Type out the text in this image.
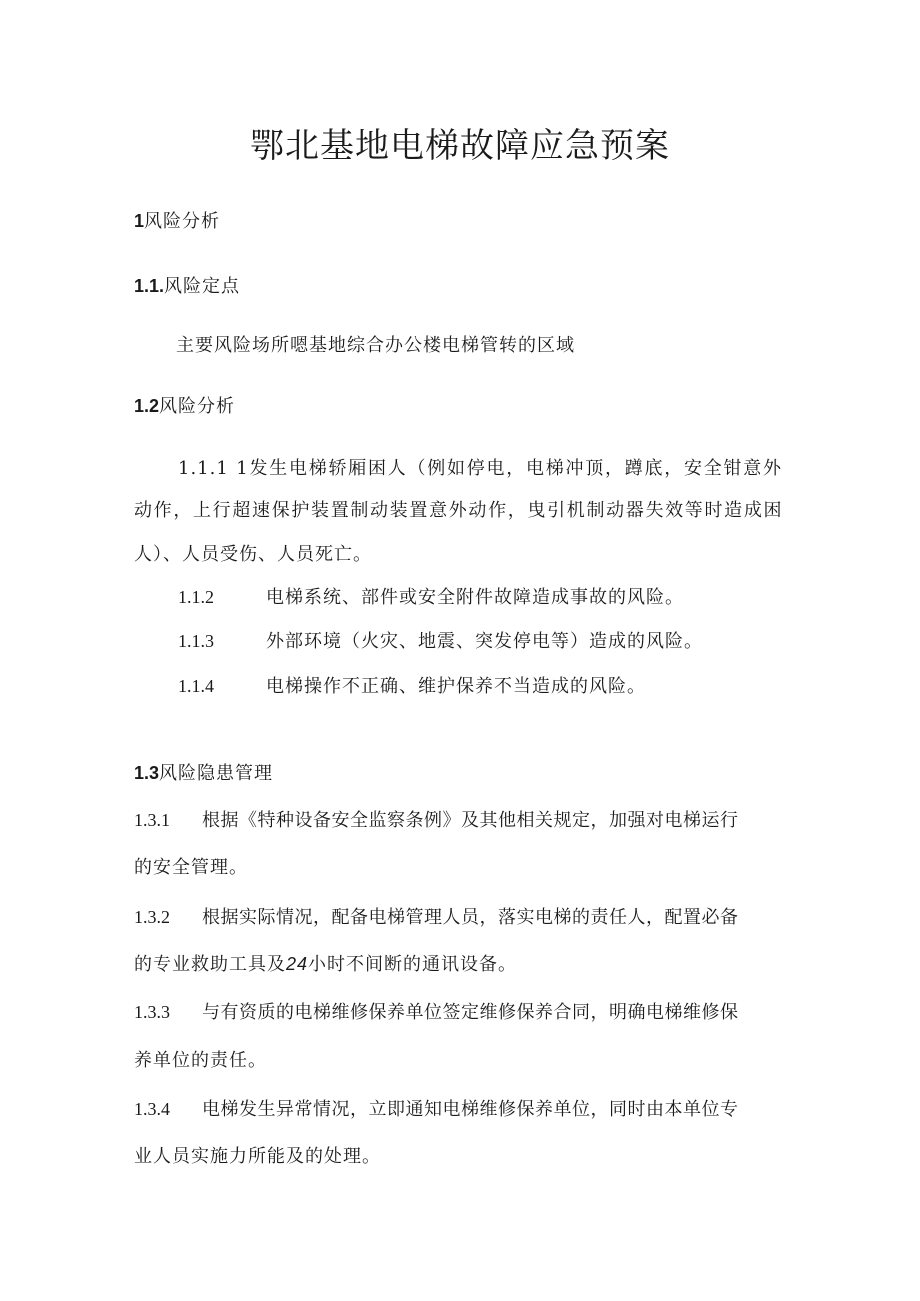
鄂北基地电梯故障应急预案
1风险分析
1.1.风险定点
主要风险场所嗯基地综合办公楼电梯管转的区域
1.2风险分析
1.1.1 1发生电梯轿厢困人（例如停电，电梯冲顶，蹲底，安全钳意外
动作，上行超速保护装置制动装置意外动作，曳引机制动器失效等时造成困
人）、人员受伤、人员死亡。
1.1.2	电梯系统、部件或安全附件故障造成事故的风险。
1.1.3	外部环境（火灾、地震、突发停电等）造成的风险。
1.1.4	电梯操作不正确、维护保养不当造成的风险。
1.3风险隐患管理
1.3.1 根据《特种设备安全监察条例》及其他相关规定，加强对电梯运行
的安全管理。
1.3.2 根据实际情况，配备电梯管理人员，落实电梯的责任人，配置必备
的专业救助工具及24小时不间断的通讯设备。
1.3.3 与有资质的电梯维修保养单位签定维修保养合同，明确电梯维修保
养单位的责任。
1.3.4 电梯发生异常情况，立即通知电梯维修保养单位，同时由本单位专
业人员实施力所能及的处理。
